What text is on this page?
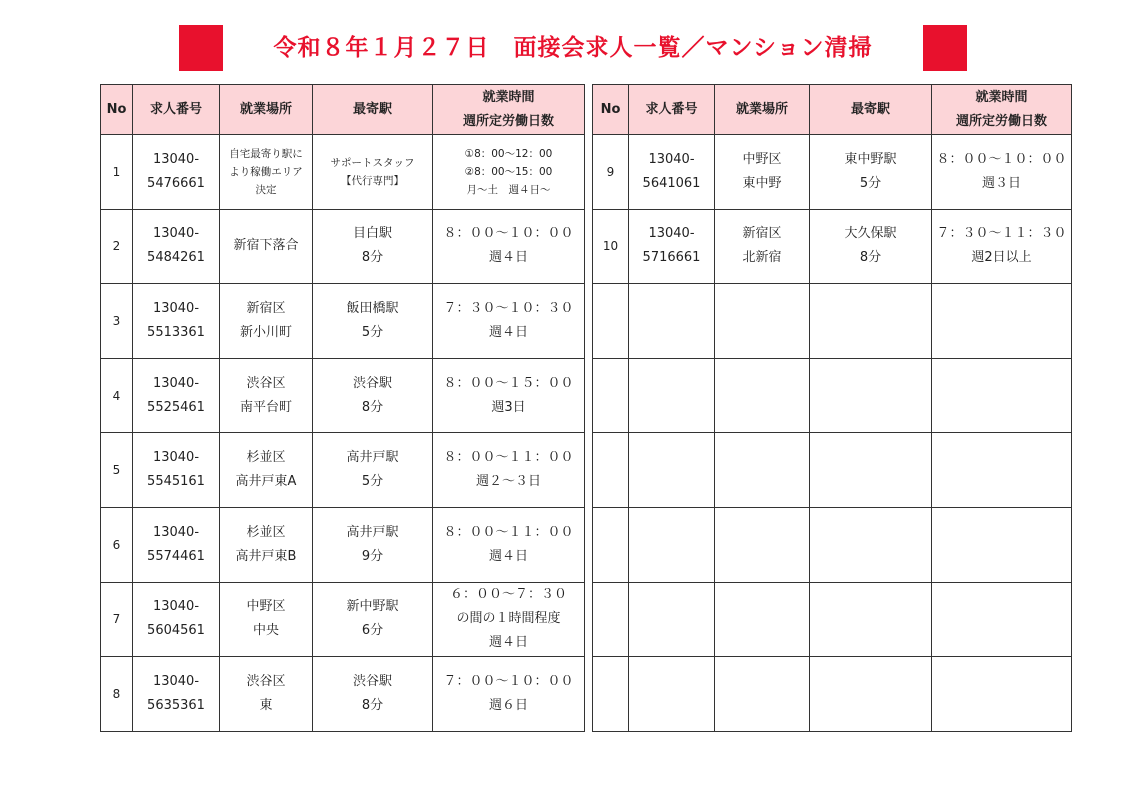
令和８年１月２７日　面接会求人一覧／マンション清掃
No	求人番号	就業場所	最寄駅	就業時間
週所定労働日数

1	13040-
5476661	自宅最寄り駅に
より稼働エリア
決定	サポートスタッフ
【代行専門】	①8：00～12：00
②8：00～15：00
月～土　週４日～

2	13040-
5484261	新宿下落合	目白駅
8分	８：００～１０：００
週４日

3	13040-
5513361	新宿区
新小川町	飯田橋駅
5分	７：３０～１０：３０
週４日

4	13040-
5525461	渋谷区
南平台町	渋谷駅
8分	８：００～１５：００
週3日

5	13040-
5545161	杉並区
高井戸東A	高井戸駅
5分	８：００～１１：００
週２～３日

6	13040-
5574461	杉並区
高井戸東B	高井戸駅
9分	８：００～１１：００
週４日

7	13040-
5604561	中野区
中央	新中野駅
6分	６：００～７：３０
の間の１時間程度
週４日

8	13040-
5635361	渋谷区
東	渋谷駅
8分	７：００～１０：００
週６日
No	求人番号	就業場所	最寄駅	就業時間
週所定労働日数

9	13040-
5641061	中野区
東中野	東中野駅
5分	８：００～１０：００
週３日

10	13040-
5716661	新宿区
北新宿	大久保駅
8分	７：３０～１１：３０
週2日以上
